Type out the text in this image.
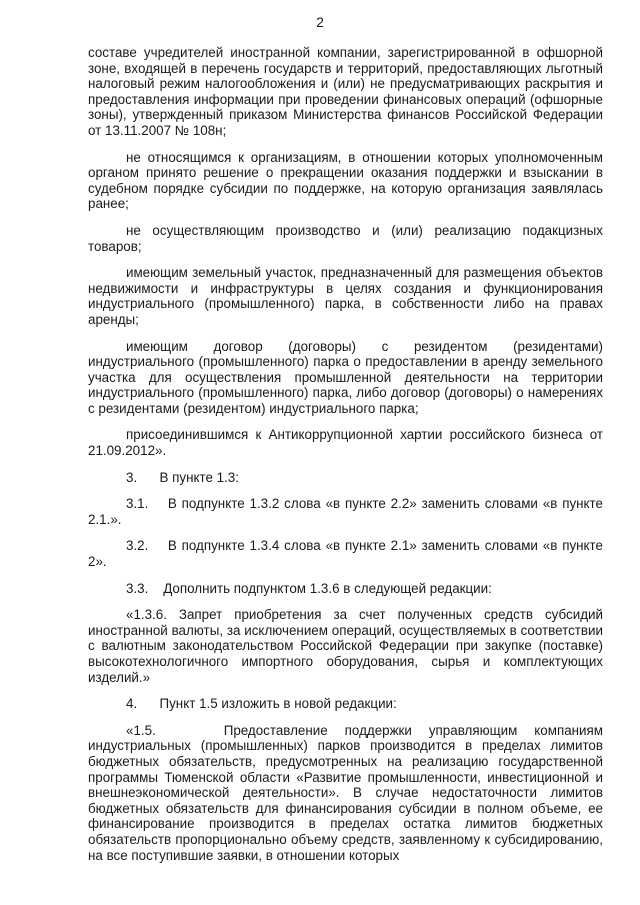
2

составе учредителей иностранной компании, зарегистрированной в офшорной зоне, входящей в перечень государств и территорий, предоставляющих льготный налоговый режим налогообложения и (или) не предусматривающих раскрытия и предоставления информации при проведении финансовых операций (офшорные зоны), утвержденный приказом Министерства финансов Российской Федерации от 13.11.2007 № 108н;

не относящимся к организациям, в отношении которых уполномоченным органом принято решение о прекращении оказания поддержки и взыскании в судебном порядке субсидии по поддержке, на которую организация заявлялась ранее;

не осуществляющим производство и (или) реализацию подакцизных товаров;

имеющим земельный участок, предназначенный для размещения объектов недвижимости и инфраструктуры в целях создания и функционирования индустриального (промышленного) парка, в собственности либо на правах аренды;

имеющим договор (договоры) с резидентом (резидентами) индустриального (промышленного) парка о предоставлении в аренду земельного участка для осуществления промышленной деятельности на территории индустриального (промышленного) парка, либо договор (договоры) о намерениях с резидентами (резидентом) индустриального парка;

присоединившимся к Антикоррупционной хартии российского бизнеса от 21.09.2012».

3.      В пункте 1.3:

3.1.    В подпункте 1.3.2 слова «в пункте 2.2» заменить словами «в пункте 2.1.».

3.2.    В подпункте 1.3.4 слова «в пункте 2.1» заменить словами «в пункте 2».

3.3.    Дополнить подпунктом 1.3.6 в следующей редакции:

«1.3.6. Запрет приобретения за счет полученных средств субсидий иностранной валюты, за исключением операций, осуществляемых в соответствии с валютным законодательством Российской Федерации при закупке (поставке) высокотехнологичного импортного оборудования, сырья и комплектующих изделий.»

4.      Пункт 1.5 изложить в новой редакции:

«1.5.    Предоставление поддержки управляющим компаниям индустриальных (промышленных) парков производится в пределах лимитов бюджетных обязательств, предусмотренных на реализацию государственной программы Тюменской области «Развитие промышленности, инвестиционной и внешнеэкономической деятельности». В случае недостаточности лимитов бюджетных обязательств для финансирования субсидии в полном объеме, ее финансирование производится в пределах остатка лимитов бюджетных обязательств пропорционально объему средств, заявленному к субсидированию, на все поступившие заявки, в отношении которых
